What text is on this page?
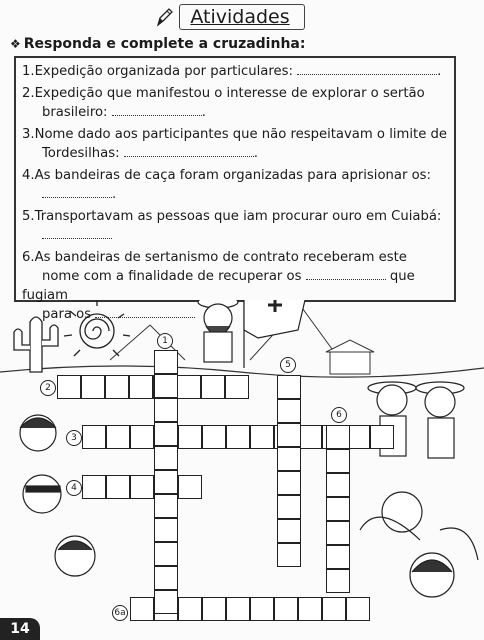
Atividades
❖ Responda e complete a cruzadinha:
1.Expedição organizada por particulares:	.
2.Expedição que manifestou o interesse de explorar o sertão
brasileiro:	.
3.Nome dado aos participantes que não respeitavam o limite de
Tordesilhas:	.
4.As bandeiras de caça foram organizadas para aprisionar os:
.
5.Transportavam as pessoas que iam procurar ouro em Cuiabá:

6.As bandeiras de sertanismo de contrato receberam este
nome com a finalidade de recuperar os	que fugiam
para os
1
2
3
4
5
6
6a
14
